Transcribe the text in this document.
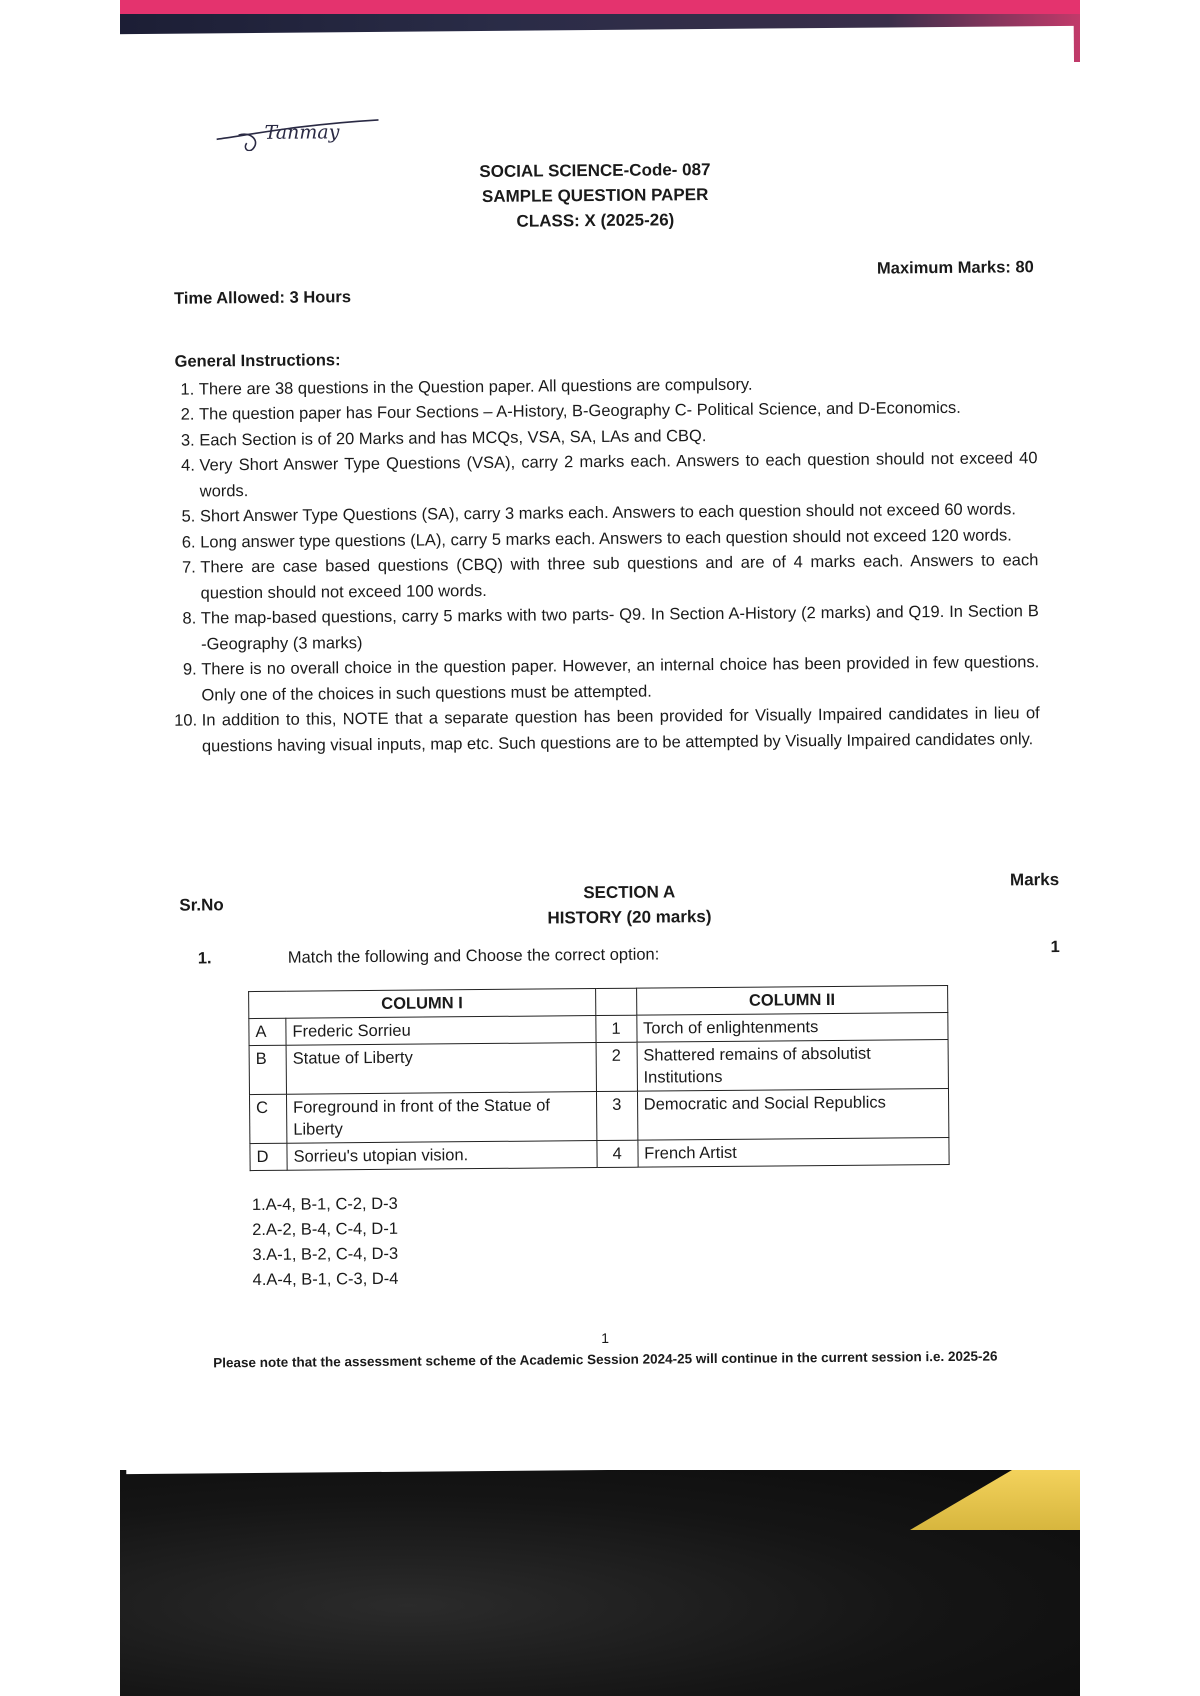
Tanmay
SOCIAL SCIENCE-Code- 087
SAMPLE QUESTION PAPER
CLASS: X (2025-26)
Time Allowed: 3 Hours
Maximum Marks: 80
General Instructions:
1. There are 38 questions in the Question paper. All questions are compulsory.
2. The question paper has Four Sections – A-History, B-Geography C- Political Science, and D-Economics.
3. Each Section is of 20 Marks and has MCQs, VSA, SA, LAs and CBQ.
4. Very Short Answer Type Questions (VSA), carry 2 marks each. Answers to each question should not exceed 40 words.
5. Short Answer Type Questions (SA), carry 3 marks each. Answers to each question should not exceed 60 words.
6. Long answer type questions (LA), carry 5 marks each. Answers to each question should not exceed 120 words.
7. There are case based questions (CBQ) with three sub questions and are of 4 marks each. Answers to each question should not exceed 100 words.
8. The map-based questions, carry 5 marks with two parts- Q9. In Section A-History (2 marks) and Q19. In Section B -Geography (3 marks)
9. There is no overall choice in the question paper. However, an internal choice has been provided in few questions. Only one of the choices in such questions must be attempted.
10. In addition to this, NOTE that a separate question has been provided for Visually Impaired candidates in lieu of questions having visual inputs, map etc. Such questions are to be attempted by Visually Impaired candidates only.
Sr.No
SECTION A
HISTORY (20 marks)
Marks
1.	Match the following and Choose the correct option:	1
COLUMN I			COLUMN II
A	Frederic Sorrieu	1	Torch of enlightenments
B	Statue of Liberty	2	Shattered remains of absolutist Institutions
C	Foreground in front of the Statue of Liberty	3	Democratic and Social Republics
D	Sorrieu's utopian vision.	4	French Artist
1.A-4, B-1, C-2, D-3
2.A-2, B-4, C-4, D-1
3.A-1, B-2, C-4, D-3
4.A-4, B-1, C-3, D-4
1
Please note that the assessment scheme of the Academic Session 2024-25 will continue in the current session i.e. 2025-26
